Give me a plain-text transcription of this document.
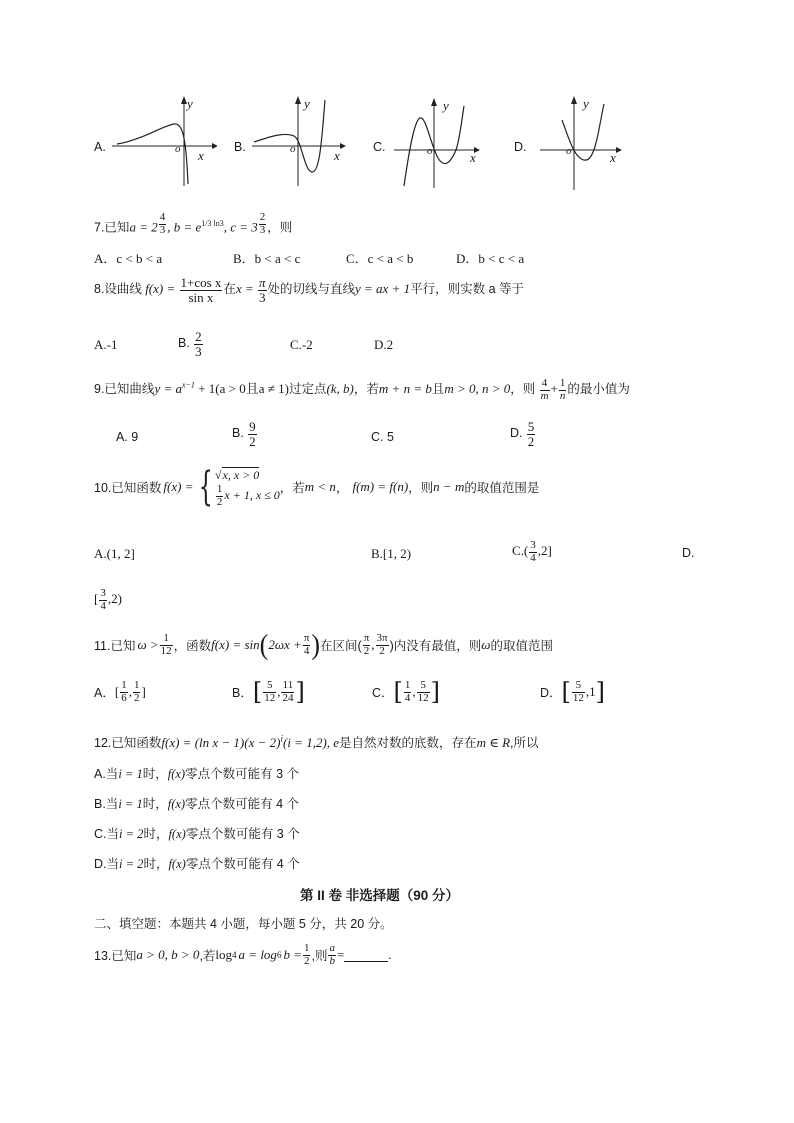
A.
y
x
o	B.
y
x
o	C.
y
x
o	D.
y
x
o
7.已知a = 2 $^{\frac{4}{3}}$ , $b = e^{1/3 ln3}$, c = 3 $^{\frac{2}{3}}$ ，则
A．c < b < a	B．b < a < c	C．c < a < b	D．b < c < a
8.设曲线 $f(x) = \frac{\text{1+cos x}}{\text{sin x}}$ 在$x = \frac{\pi}{3}$ 处的切线与直线y = ax + 1平行，则实数 a 等于
A.-1	B. $\frac{2}{3}$	C.-2	D.2
9.已知曲线$y = a^{x-1} + 1(a > 0$且a ≠ 1)过定点(k, b)，若m + n = b且m > 0, n > 0，则 $\frac{4}{m} + \frac{1}{n}$ 的最小值为
A. 9	B. $\frac{9}{2}$	C. 5	D. $\frac{5}{2}$
10.已知函数 f(x) = { √x, x > 0
$\frac{1}{2}$ x + 1, x ≤ 0 ，若 m < n ， f(m) = f(n) ，则 n − m 的取值范围是
A.(1, 2]	B.[1, 2)	$C.( \frac{3}{4} ,2]$	D.
[ $\frac{3}{4} ,2$)
11.已知 $\omega > \frac{1}{12}$ ，函数 f(x) = sin ( $2\omega x + \frac{\pi}{4}$ ) 在区间( $\frac{\pi}{2}$ , $\frac{3\pi}{2}$ )内没有最值，则 ω 的取值范围
A． [ $\frac{1}{6}$ , $\frac{1}{2}$ ]	B． [ $\frac{5}{12}$ , $\frac{11}{24}$ ]	C． [ $\frac{1}{4}$ , $\frac{5}{12}$ ]	D． [ $\frac{5}{12} ,1$ ]
12.已知函数f(x) = (ln $x - 1)(x - 2)^i(i = 1,2)$, e是自然对数的底数，存在m ∈ R,所以
A.当i = 1时，f(x)零点个数可能有 3 个
B.当i = 1时，f(x)零点个数可能有 4 个
C.当i = 2时，f(x)零点个数可能有 3 个
D.当i = 2时，f(x)零点个数可能有 4 个
第 II 卷 非选择题（90 分）
二、填空题：本题共 4 小题，每小题 5 分，共 20 分。
13.已知 a > 0, b > 0 ,若 log 4 a = log 6 $b = \frac{1}{2}$ ,则 $\frac{a}{b}$ =	.
